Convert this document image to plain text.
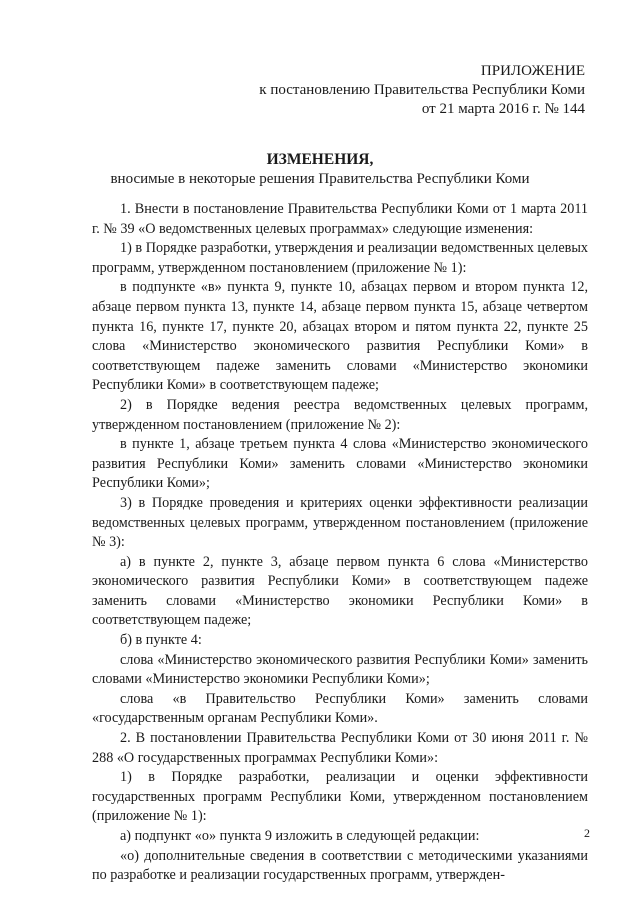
ПРИЛОЖЕНИЕ
к постановлению Правительства Республики Коми
от 21 марта 2016 г. № 144
ИЗМЕНЕНИЯ,
вносимые в некоторые решения Правительства Республики Коми

1. Внести в постановление Правительства Республики Коми от 1 марта 2011 г. № 39 «О ведомственных целевых программах» следующие изменения:

1) в Порядке разработки, утверждения и реализации ведомственных целевых программ, утвержденном постановлением (приложение № 1):

в подпункте «в» пункта 9, пункте 10, абзацах первом и втором пункта 12, абзаце первом пункта 13, пункте 14, абзаце первом пункта 15, абзаце четвертом пункта 16, пункте 17, пункте 20, абзацах втором и пятом пункта 22, пункте 25 слова «Министерство экономического развития Республики Коми» в соответствующем падеже заменить словами «Министерство экономики Республики Коми» в соответствующем падеже;

2) в Порядке ведения реестра ведомственных целевых программ, утвержденном постановлением (приложение № 2):

в пункте 1, абзаце третьем пункта 4 слова «Министерство экономического развития Республики Коми» заменить словами «Министерство экономики Республики Коми»;

3) в Порядке проведения и критериях оценки эффективности реализации ведомственных целевых программ, утвержденном постановлением (приложение № 3):

а) в пункте 2, пункте 3, абзаце первом пункта 6 слова «Министерство экономического развития Республики Коми» в соответствующем падеже заменить словами «Министерство экономики Республики Коми» в соответствующем падеже;

б) в пункте 4:

слова «Министерство экономического развития Республики Коми» заменить словами «Министерство экономики Республики Коми»;

слова «в Правительство Республики Коми» заменить словами «государственным органам Республики Коми».

2. В постановлении Правительства Республики Коми от 30 июня 2011 г. № 288 «О государственных программах Республики Коми»:

1) в Порядке разработки, реализации и оценки эффективности государственных программ Республики Коми, утвержденном постановлением (приложение № 1):

а) подпункт «о» пункта 9 изложить в следующей редакции:

«о) дополнительные сведения в соответствии с методическими указаниями по разработке и реализации государственных программ, утвержден-

2
